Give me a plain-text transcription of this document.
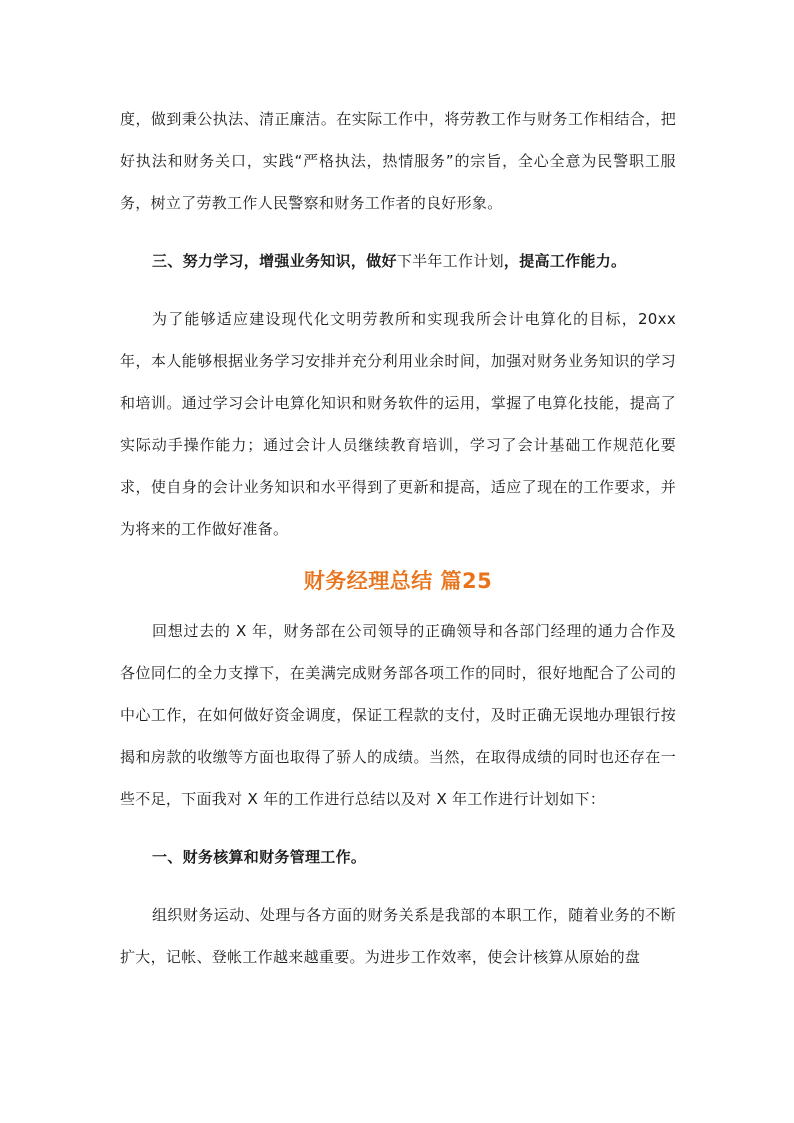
度，做到秉公执法、清正廉洁。在实际工作中，将劳教工作与财务工作相结合，把好执法和财务关口，实践“严格执法，热情服务”的宗旨，全心全意为民警职工服务，树立了劳教工作人民警察和财务工作者的良好形象。

三、努力学习，增强业务知识，做好下半年工作计划，提高工作能力。

为了能够适应建设现代化文明劳教所和实现我所会计电算化的目标，20xx年，本人能够根据业务学习安排并充分利用业余时间，加强对财务业务知识的学习和培训。通过学习会计电算化知识和财务软件的运用，掌握了电算化技能，提高了实际动手操作能力；通过会计人员继续教育培训，学习了会计基础工作规范化要求，使自身的会计业务知识和水平得到了更新和提高，适应了现在的工作要求，并为将来的工作做好准备。

财务经理总结 篇25

回想过去的 X 年，财务部在公司领导的正确领导和各部门经理的通力合作及各位同仁的全力支撑下，在美满完成财务部各项工作的同时，很好地配合了公司的中心工作，在如何做好资金调度，保证工程款的支付，及时正确无误地办理银行按揭和房款的收缴等方面也取得了骄人的成绩。当然，在取得成绩的同时也还存在一些不足，下面我对 X 年的工作进行总结以及对 X 年工作进行计划如下：

一、财务核算和财务管理工作。

组织财务运动、处理与各方面的财务关系是我部的本职工作，随着业务的不断扩大，记帐、登帐工作越来越重要。为进步工作效率，使会计核算从原始的盘
